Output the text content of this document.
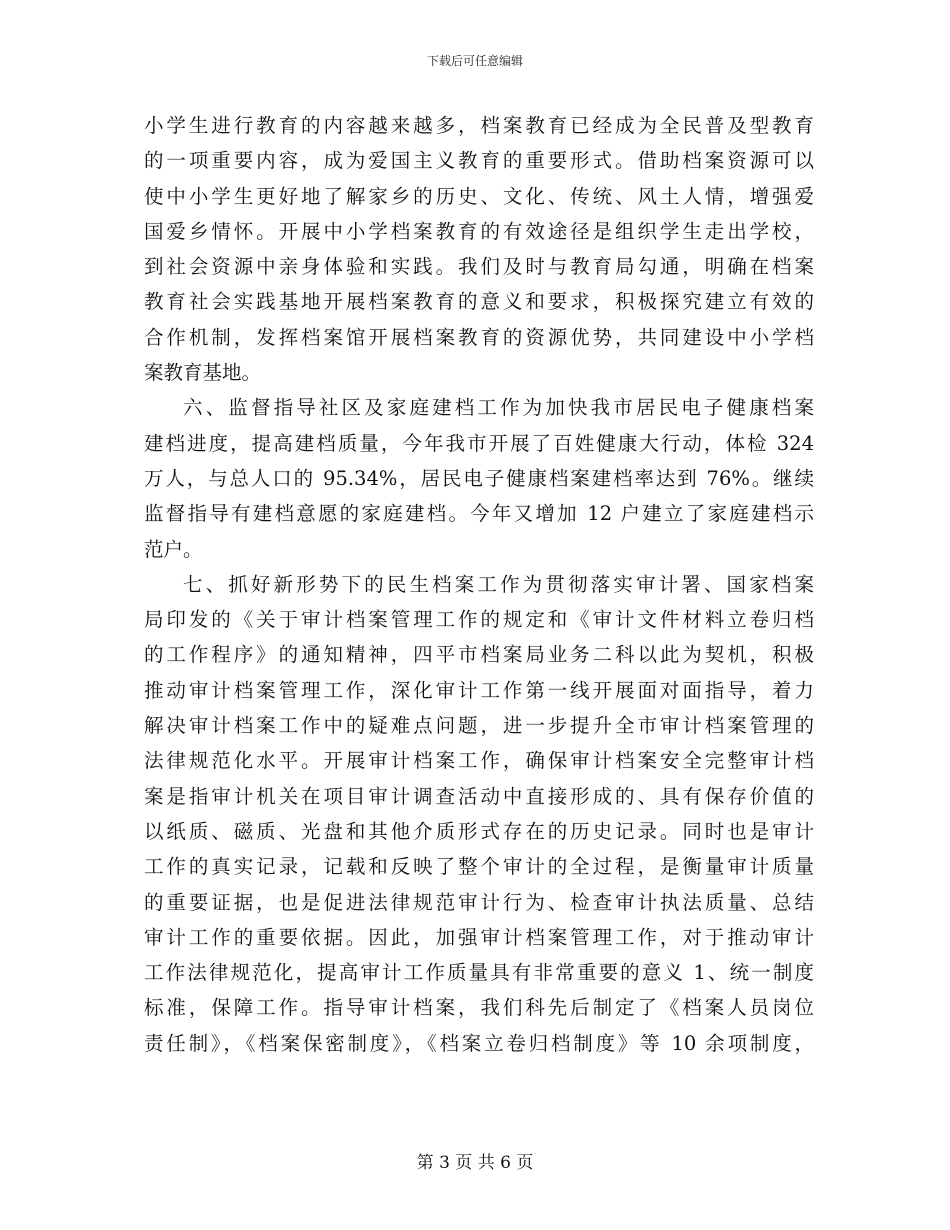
下载后可任意编辑
小学生进行教育的内容越来越多，档案教育已经成为全民普及型教育
的一项重要内容，成为爱国主义教育的重要形式。借助档案资源可以
使中小学生更好地了解家乡的历史、文化、传统、风土人情，增强爱
国爱乡情怀。开展中小学档案教育的有效途径是组织学生走出学校，
到社会资源中亲身体验和实践。我们及时与教育局勾通，明确在档案
教育社会实践基地开展档案教育的意义和要求，积极探究建立有效的
合作机制，发挥档案馆开展档案教育的资源优势，共同建设中小学档
案教育基地。
六、监督指导社区及家庭建档工作为加快我市居民电子健康档案
建档进度，提高建档质量，今年我市开展了百姓健康大行动，体检 324
万人，与总人口的 95.34%，居民电子健康档案建档率达到 76%。继续
监督指导有建档意愿的家庭建档。今年又增加 12 户建立了家庭建档示
范户。
七、抓好新形势下的民生档案工作为贯彻落实审计署、国家档案
局印发的《关于审计档案管理工作的规定和《审计文件材料立卷归档
的工作程序》的通知精神，四平市档案局业务二科以此为契机，积极
推动审计档案管理工作，深化审计工作第一线开展面对面指导，着力
解决审计档案工作中的疑难点问题，进一步提升全市审计档案管理的
法律规范化水平。开展审计档案工作，确保审计档案安全完整审计档
案是指审计机关在项目审计调查活动中直接形成的、具有保存价值的
以纸质、磁质、光盘和其他介质形式存在的历史记录。同时也是审计
工作的真实记录，记载和反映了整个审计的全过程，是衡量审计质量
的重要证据，也是促进法律规范审计行为、检查审计执法质量、总结
审计工作的重要依据。因此，加强审计档案管理工作，对于推动审计
工作法律规范化，提高审计工作质量具有非常重要的意义 1、统一制度
标准，保障工作。指导审计档案，我们科先后制定了《档案人员岗位
责任制》，《档案保密制度》，《档案立卷归档制度》等 10 余项制度，
第 3 页 共 6 页
